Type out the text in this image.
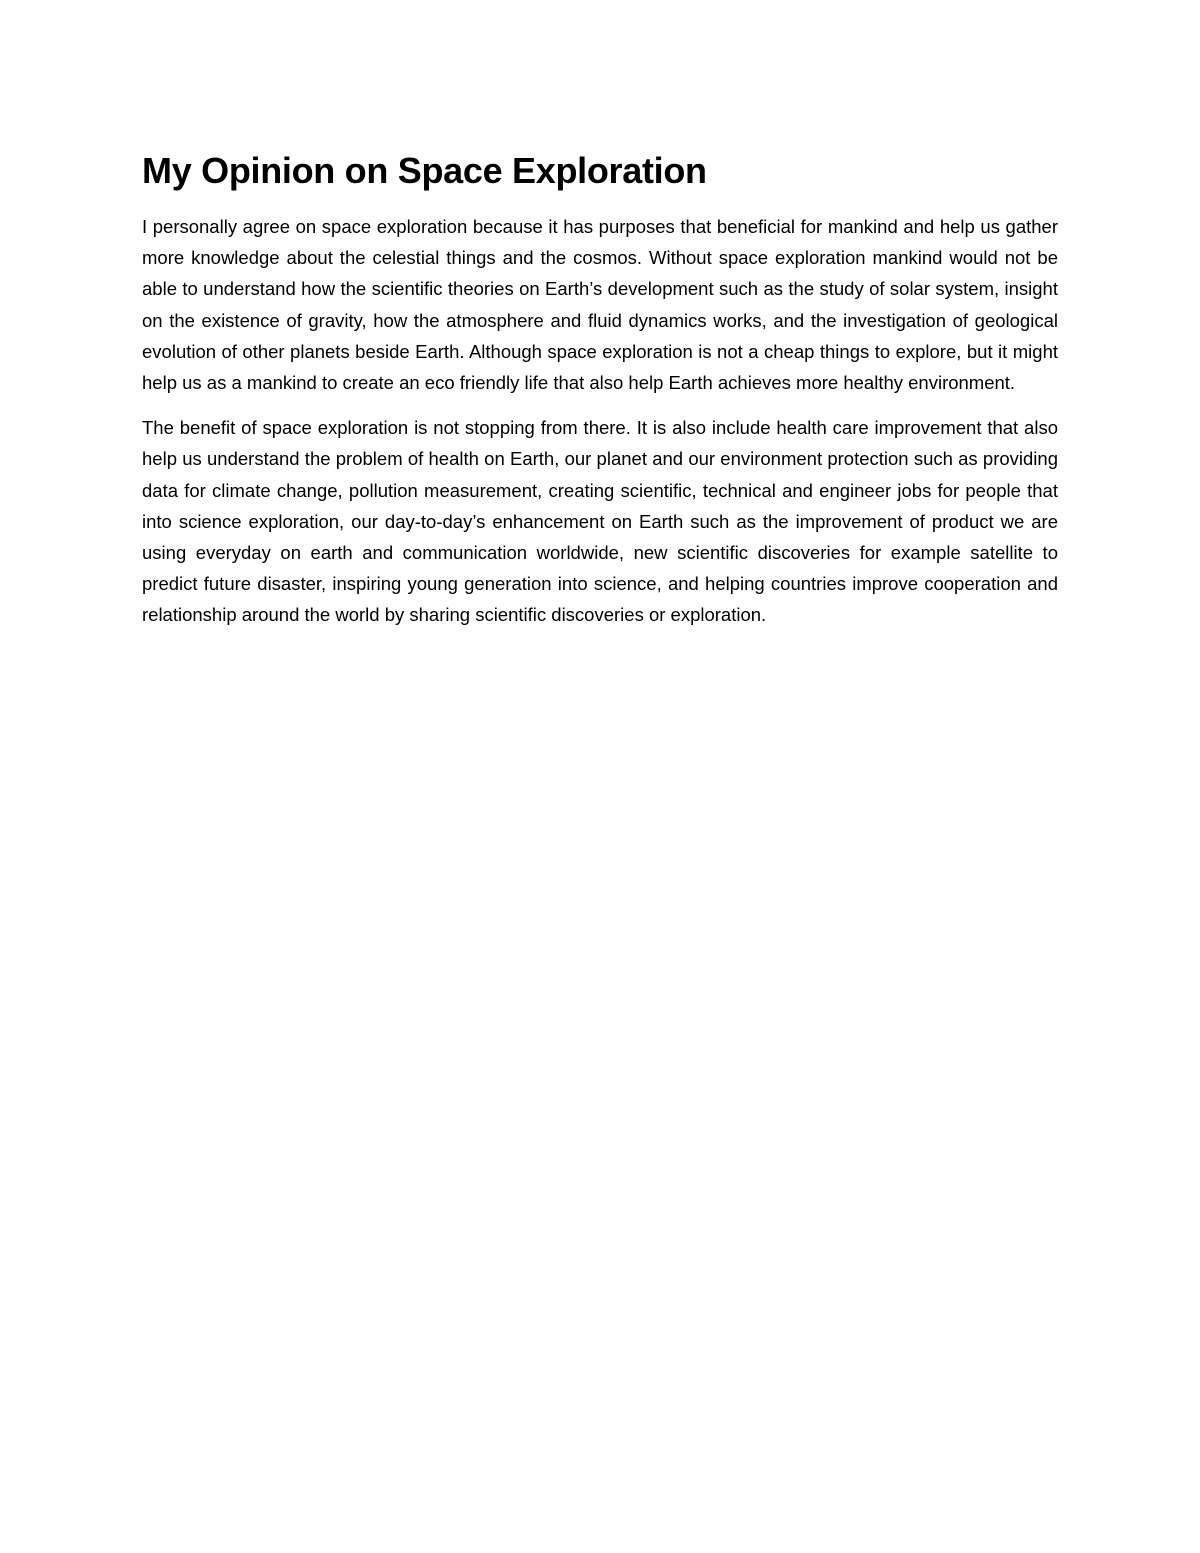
My Opinion on Space Exploration

I personally agree on space exploration because it has purposes that beneficial for mankind and help us gather more knowledge about the celestial things and the cosmos. Without space exploration mankind would not be able to understand how the scientific theories on Earth’s development such as the study of solar system, insight on the existence of gravity, how the atmosphere and fluid dynamics works, and the investigation of geological evolution of other planets beside Earth. Although space exploration is not a cheap things to explore, but it might help us as a mankind to create an eco friendly life that also help Earth achieves more healthy environment.

The benefit of space exploration is not stopping from there. It is also include health care improvement that also help us understand the problem of health on Earth, our planet and our environment protection such as providing data for climate change, pollution measurement, creating scientific, technical and engineer jobs for people that into science exploration, our day-to-day’s enhancement on Earth such as the improvement of product we are using everyday on earth and communication worldwide, new scientific discoveries for example satellite to predict future disaster, inspiring young generation into science, and helping countries improve cooperation and relationship around the world by sharing scientific discoveries or exploration.
